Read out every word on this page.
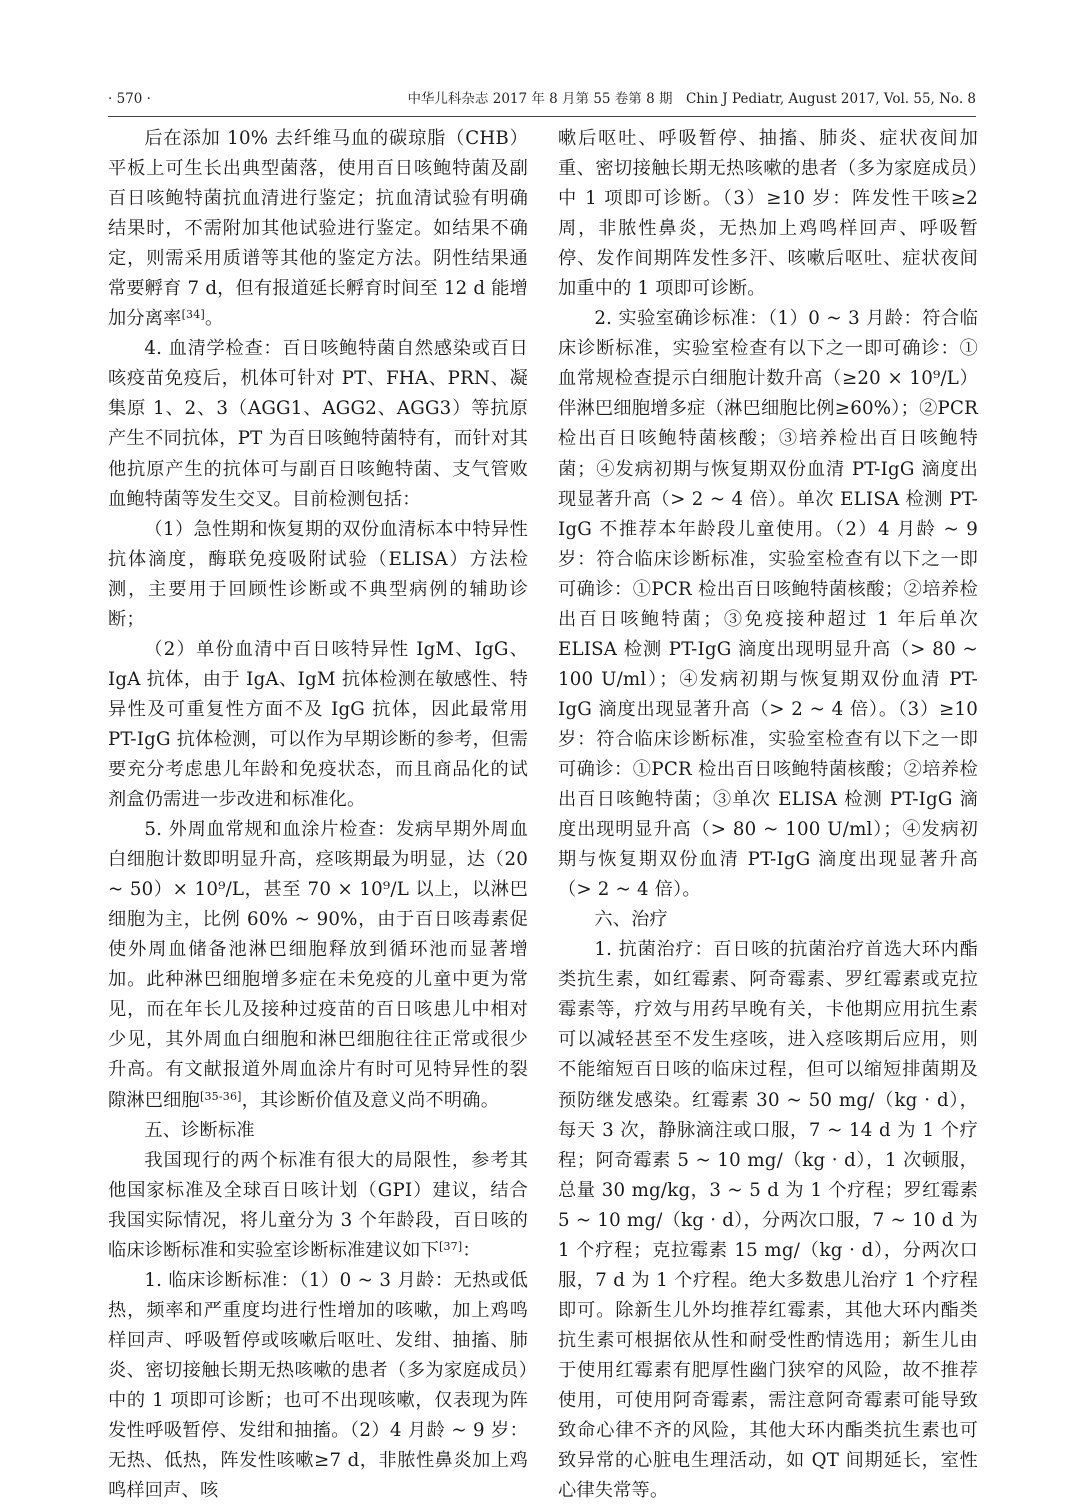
· 570 ·	中华儿科杂志 2017 年 8 月第 55 卷第 8 期　Chin J Pediatr, August 2017, Vol. 55, No. 8

后在添加 10% 去纤维马血的碳琼脂（CHB）平板上可生长出典型菌落，使用百日咳鲍特菌及副百日咳鲍特菌抗血清进行鉴定；抗血清试验有明确结果时，不需附加其他试验进行鉴定。如结果不确定，则需采用质谱等其他的鉴定方法。阴性结果通常要孵育 7 d，但有报道延长孵育时间至 12 d 能增加分离率[34]。

4. 血清学检查：百日咳鲍特菌自然感染或百日咳疫苗免疫后，机体可针对 PT、FHA、PRN、凝集原 1、2、3（AGG1、AGG2、AGG3）等抗原产生不同抗体，PT 为百日咳鲍特菌特有，而针对其他抗原产生的抗体可与副百日咳鲍特菌、支气管败血鲍特菌等发生交叉。目前检测包括：

（1）急性期和恢复期的双份血清标本中特异性抗体滴度，酶联免疫吸附试验（ELISA）方法检测，主要用于回顾性诊断或不典型病例的辅助诊断；

（2）单份血清中百日咳特异性 IgM、IgG、IgA 抗体，由于 IgA、IgM 抗体检测在敏感性、特异性及可重复性方面不及 IgG 抗体，因此最常用 PT-IgG 抗体检测，可以作为早期诊断的参考，但需要充分考虑患儿年龄和免疫状态，而且商品化的试剂盒仍需进一步改进和标准化。

5. 外周血常规和血涂片检查：发病早期外周血白细胞计数即明显升高，痉咳期最为明显，达（20 ~ 50）× 10⁹/L，甚至 70 × 10⁹/L 以上，以淋巴细胞为主，比例 60% ~ 90%，由于百日咳毒素促使外周血储备池淋巴细胞释放到循环池而显著增加。此种淋巴细胞增多症在未免疫的儿童中更为常见，而在年长儿及接种过疫苗的百日咳患儿中相对少见，其外周血白细胞和淋巴细胞往往正常或很少升高。有文献报道外周血涂片有时可见特异性的裂隙淋巴细胞[35-36]，其诊断价值及意义尚不明确。

五、诊断标准

我国现行的两个标准有很大的局限性，参考其他国家标准及全球百日咳计划（GPI）建议，结合我国实际情况，将儿童分为 3 个年龄段，百日咳的临床诊断标准和实验室诊断标准建议如下[37]：

1. 临床诊断标准：（1）0 ~ 3 月龄：无热或低热，频率和严重度均进行性增加的咳嗽，加上鸡鸣样回声、呼吸暂停或咳嗽后呕吐、发绀、抽搐、肺炎、密切接触长期无热咳嗽的患者（多为家庭成员）中的 1 项即可诊断；也可不出现咳嗽，仅表现为阵发性呼吸暂停、发绀和抽搐。（2）4 月龄 ~ 9 岁：无热、低热，阵发性咳嗽≥7 d，非脓性鼻炎加上鸡鸣样回声、咳

嗽后呕吐、呼吸暂停、抽搐、肺炎、症状夜间加重、密切接触长期无热咳嗽的患者（多为家庭成员）中 1 项即可诊断。（3）≥10 岁：阵发性干咳≥2 周，非脓性鼻炎，无热加上鸡鸣样回声、呼吸暂停、发作间期阵发性多汗、咳嗽后呕吐、症状夜间加重中的 1 项即可诊断。

2. 实验室确诊标准：（1）0 ~ 3 月龄：符合临床诊断标准，实验室检查有以下之一即可确诊：①血常规检查提示白细胞计数升高（≥20 × 10⁹/L）伴淋巴细胞增多症（淋巴细胞比例≥60%）；②PCR 检出百日咳鲍特菌核酸；③培养检出百日咳鲍特菌；④发病初期与恢复期双份血清 PT-IgG 滴度出现显著升高（> 2 ~ 4 倍）。单次 ELISA 检测 PT-IgG 不推荐本年龄段儿童使用。（2）4 月龄 ~ 9 岁：符合临床诊断标准，实验室检查有以下之一即可确诊：①PCR 检出百日咳鲍特菌核酸；②培养检出百日咳鲍特菌；③免疫接种超过 1 年后单次 ELISA 检测 PT-IgG 滴度出现明显升高（> 80 ~ 100 U/ml）；④发病初期与恢复期双份血清 PT-IgG 滴度出现显著升高（> 2 ~ 4 倍）。（3）≥10 岁：符合临床诊断标准，实验室检查有以下之一即可确诊：①PCR 检出百日咳鲍特菌核酸；②培养检出百日咳鲍特菌；③单次 ELISA 检测 PT-IgG 滴度出现明显升高（> 80 ~ 100 U/ml）；④发病初期与恢复期双份血清 PT-IgG 滴度出现显著升高（> 2 ~ 4 倍）。

六、治疗

1. 抗菌治疗：百日咳的抗菌治疗首选大环内酯类抗生素，如红霉素、阿奇霉素、罗红霉素或克拉霉素等，疗效与用药早晚有关，卡他期应用抗生素可以减轻甚至不发生痉咳，进入痉咳期后应用，则不能缩短百日咳的临床过程，但可以缩短排菌期及预防继发感染。红霉素 30 ~ 50 mg/（kg · d），每天 3 次，静脉滴注或口服，7 ~ 14 d 为 1 个疗程；阿奇霉素 5 ~ 10 mg/（kg · d），1 次顿服，总量 30 mg/kg，3 ~ 5 d 为 1 个疗程；罗红霉素 5 ~ 10 mg/（kg · d），分两次口服，7 ~ 10 d 为 1 个疗程；克拉霉素 15 mg/（kg · d），分两次口服，7 d 为 1 个疗程。绝大多数患儿治疗 1 个疗程即可。除新生儿外均推荐红霉素，其他大环内酯类抗生素可根据依从性和耐受性酌情选用；新生儿由于使用红霉素有肥厚性幽门狭窄的风险，故不推荐使用，可使用阿奇霉素，需注意阿奇霉素可能导致致命心律不齐的风险，其他大环内酯类抗生素也可致异常的心脏电生理活动，如 QT 间期延长，室性心律失常等。
